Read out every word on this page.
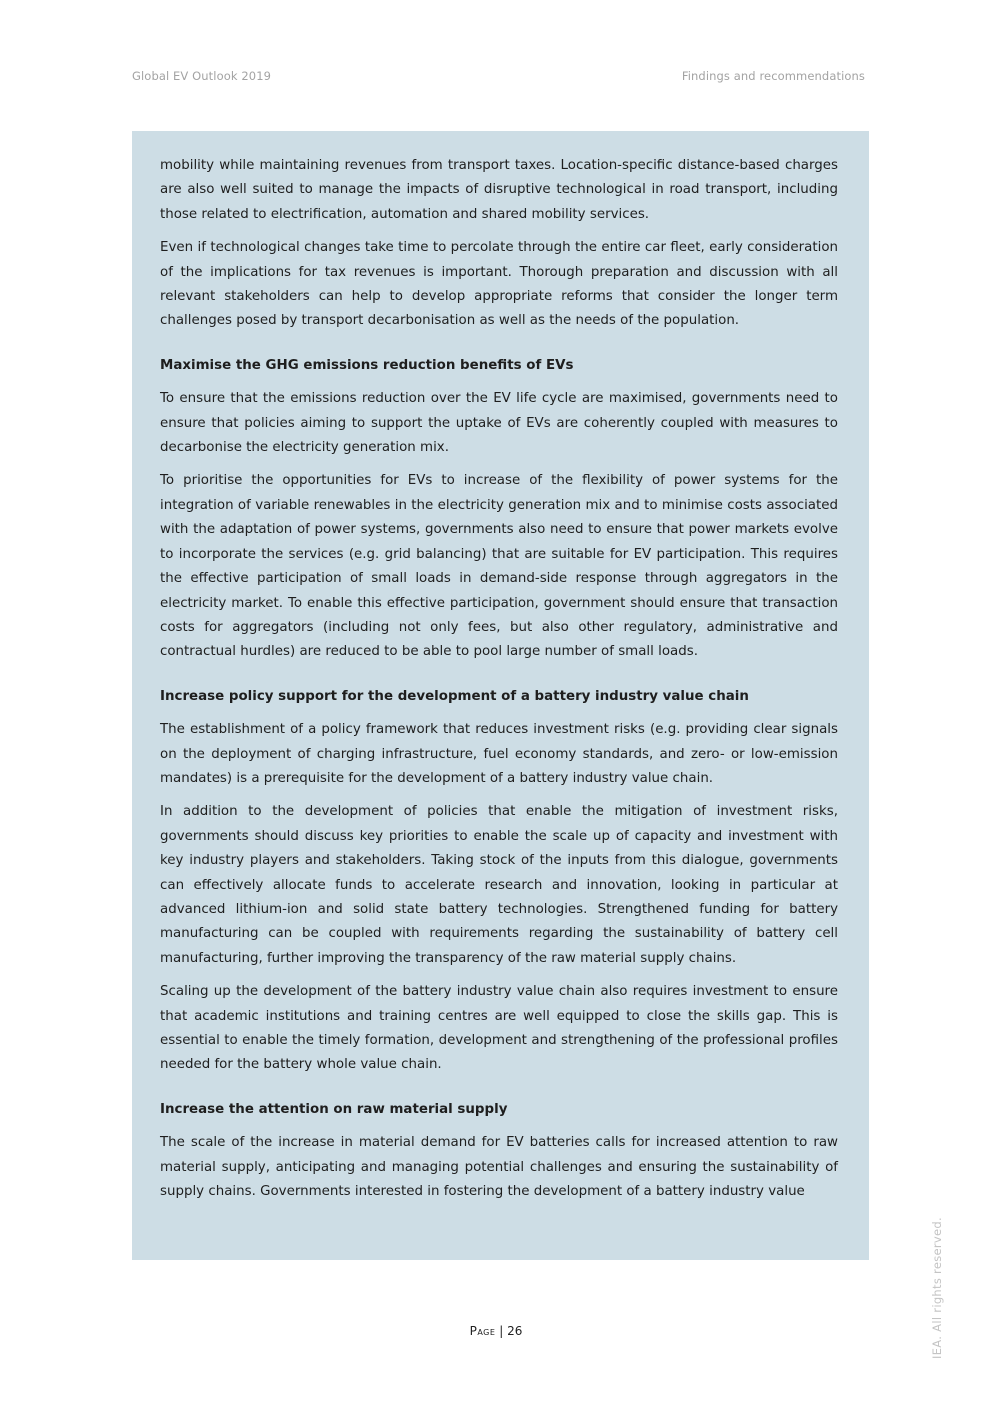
Global EV Outlook 2019	Findings and recommendations

mobility while maintaining revenues from transport taxes. Location-specific distance-based charges are also well suited to manage the impacts of disruptive technological in road transport, including those related to electrification, automation and shared mobility services.

Even if technological changes take time to percolate through the entire car fleet, early consideration of the implications for tax revenues is important. Thorough preparation and discussion with all relevant stakeholders can help to develop appropriate reforms that consider the longer term challenges posed by transport decarbonisation as well as the needs of the population.

Maximise the GHG emissions reduction benefits of EVs

To ensure that the emissions reduction over the EV life cycle are maximised, governments need to ensure that policies aiming to support the uptake of EVs are coherently coupled with measures to decarbonise the electricity generation mix.

To prioritise the opportunities for EVs to increase of the flexibility of power systems for the integration of variable renewables in the electricity generation mix and to minimise costs associated with the adaptation of power systems, governments also need to ensure that power markets evolve to incorporate the services (e.g. grid balancing) that are suitable for EV participation. This requires the effective participation of small loads in demand-side response through aggregators in the electricity market. To enable this effective participation, government should ensure that transaction costs for aggregators (including not only fees, but also other regulatory, administrative and contractual hurdles) are reduced to be able to pool large number of small loads.

Increase policy support for the development of a battery industry value chain

The establishment of a policy framework that reduces investment risks (e.g. providing clear signals on the deployment of charging infrastructure, fuel economy standards, and zero- or low-emission mandates) is a prerequisite for the development of a battery industry value chain.

In addition to the development of policies that enable the mitigation of investment risks, governments should discuss key priorities to enable the scale up of capacity and investment with key industry players and stakeholders. Taking stock of the inputs from this dialogue, governments can effectively allocate funds to accelerate research and innovation, looking in particular at advanced lithium-ion and solid state battery technologies. Strengthened funding for battery manufacturing can be coupled with requirements regarding the sustainability of battery cell manufacturing, further improving the transparency of the raw material supply chains.

Scaling up the development of the battery industry value chain also requires investment to ensure that academic institutions and training centres are well equipped to close the skills gap. This is essential to enable the timely formation, development and strengthening of the professional profiles needed for the battery whole value chain.

Increase the attention on raw material supply

The scale of the increase in material demand for EV batteries calls for increased attention to raw material supply, anticipating and managing potential challenges and ensuring the sustainability of supply chains. Governments interested in fostering the development of a battery industry value

Page | 26	IEA. All rights reserved.
